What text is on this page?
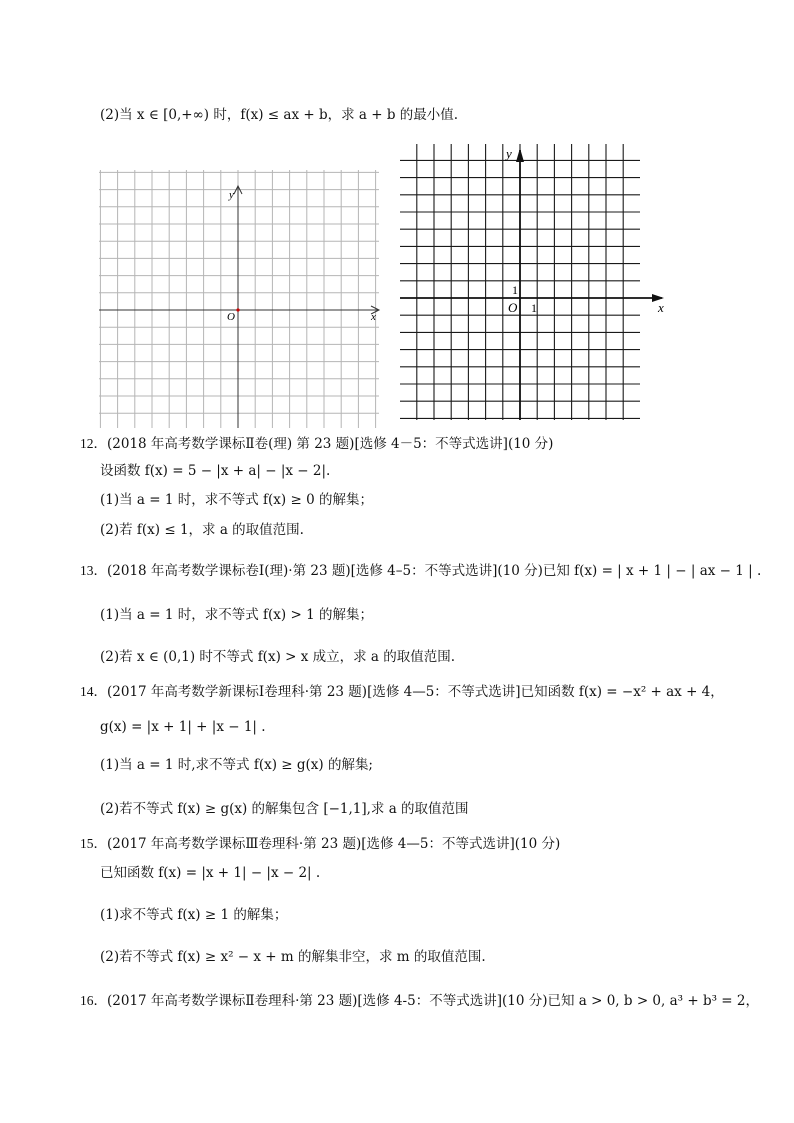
(2)当 x ∈ [0,+∞) 时，f(x) ≤ ax + b，求 a + b 的最小值.
x
y
O
x
y
O 1
1
12．(2018 年高考数学课标Ⅱ卷(理) 第 23 题)[选修 4－5：不等式选讲](10 分)
设函数 f(x) = 5 − |x + a| − |x − 2|.
(1)当 a = 1 时，求不等式 f(x) ≥ 0 的解集；
(2)若 f(x) ≤ 1，求 a 的取值范围.
13．(2018 年高考数学课标卷Ⅰ(理)·第 23 题)[选修 4–5：不等式选讲](10 分)已知 f(x) = | x + 1 | − | ax − 1 | .
(1)当 a = 1 时，求不等式 f(x) > 1 的解集；
(2)若 x ∈ (0,1) 时不等式 f(x) > x 成立，求 a 的取值范围.
14．(2017 年高考数学新课标Ⅰ卷理科·第 23 题)[选修 4—5：不等式选讲]已知函数 f(x) = −x² + ax + 4，
g(x) = |x + 1| + |x − 1| .
(1)当 a = 1 时,求不等式 f(x) ≥ g(x) 的解集;
(2)若不等式 f(x) ≥ g(x) 的解集包含 [−1,1],求 a 的取值范围
15．(2017 年高考数学课标Ⅲ卷理科·第 23 题)[选修 4—5：不等式选讲](10 分)
已知函数 f(x) = |x + 1| − |x − 2| .
(1)求不等式 f(x) ≥ 1 的解集；
(2)若不等式 f(x) ≥ x² − x + m 的解集非空，求 m 的取值范围.
16．(2017 年高考数学课标Ⅱ卷理科·第 23 题)[选修 4-5：不等式选讲](10 分)已知 a > 0, b > 0, a³ + b³ = 2，
